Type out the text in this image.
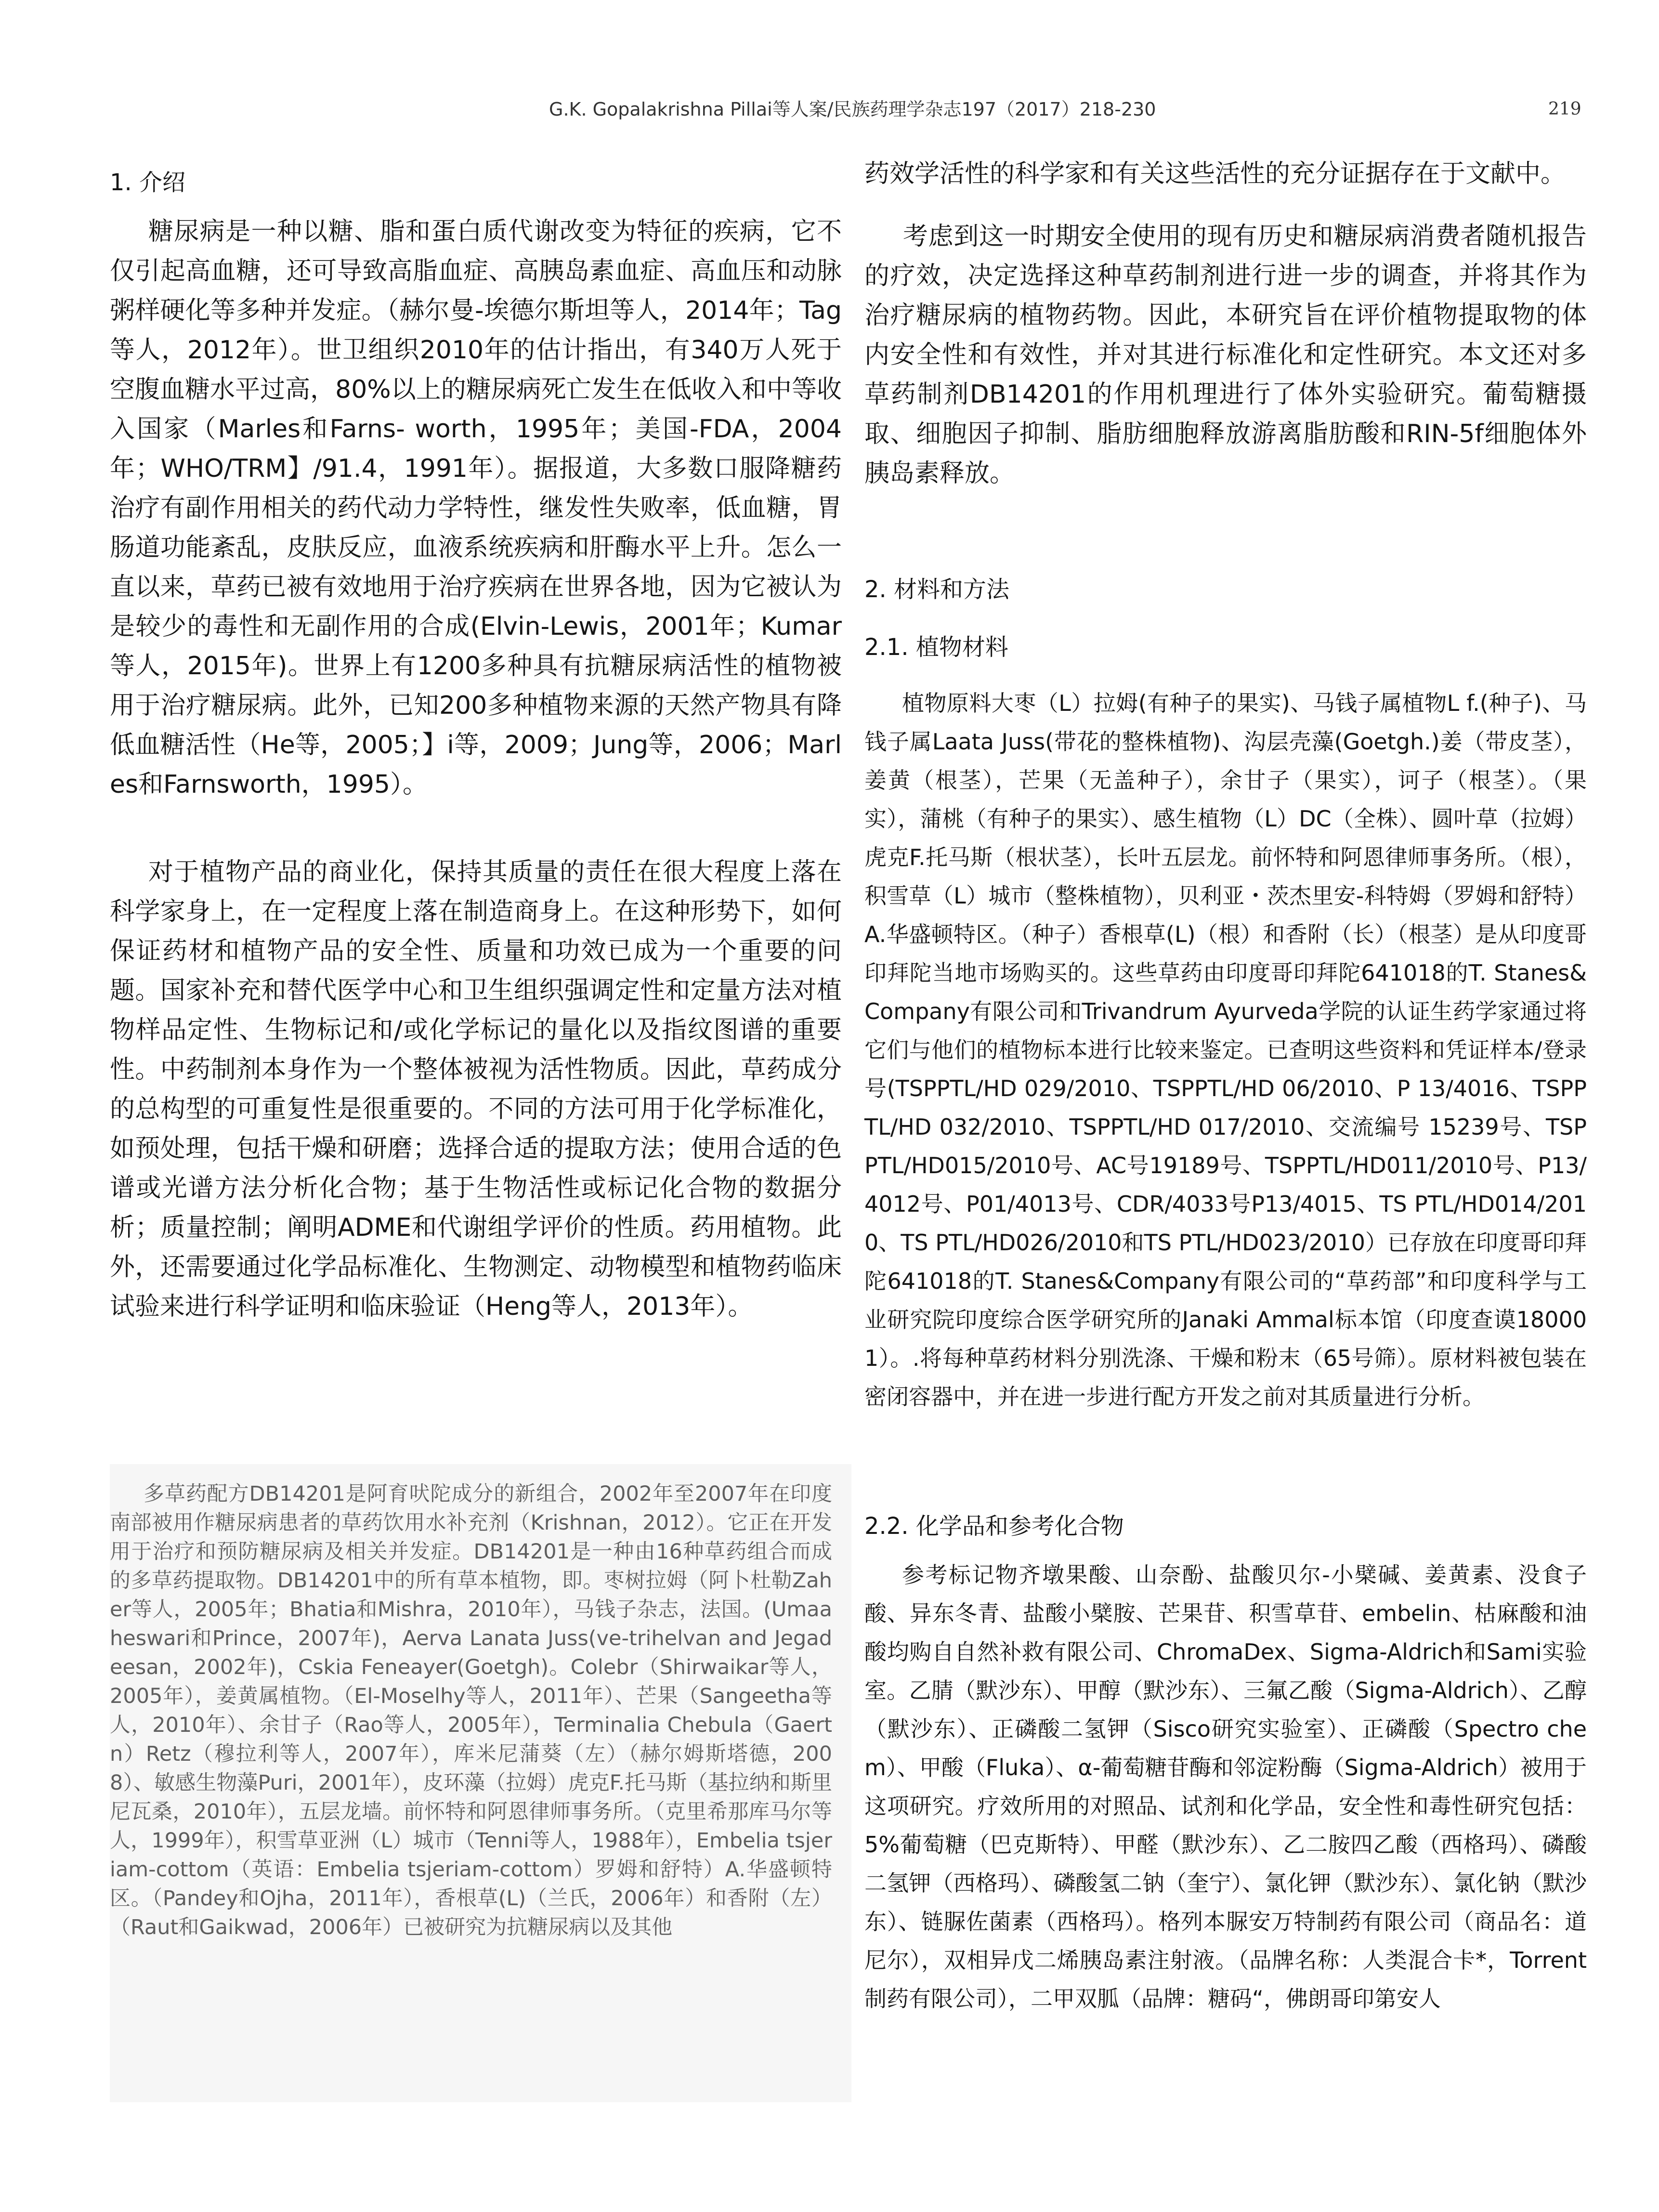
G.K. Gopalakrishna Pillai等人案/民族药理学杂志197（2017）218-230	219
1. 介绍

糖尿病是一种以糖、脂和蛋白质代谢改变为特征的疾病，它不仅引起高血糖，还可导致高脂血症、高胰岛素血症、高血压和动脉粥样硬化等多种并发症。（赫尔曼-埃德尔斯坦等人，2014年；Tag等人，2012年）。世卫组织2010年的估计指出，有340万人死于空腹血糖水平过高，80%以上的糖尿病死亡发生在低收入和中等收入国家（Marles和Farns- worth，1995年；美国-FDA，2004年；WHO/TRM】/91.4，1991年）。据报道，大多数口服降糖药治疗有副作用相关的药代动力学特性，继发性失败率，低血糖，胃肠道功能紊乱，皮肤反应，血液系统疾病和肝酶水平上升。怎么一直以来，草药已被有效地用于治疗疾病在世界各地，因为它被认为是较少的毒性和无副作用的合成(Elvin-Lewis，2001年；Kumar等人，2015年)。世界上有1200多种具有抗糖尿病活性的植物被用于治疗糖尿病。此外，已知200多种植物来源的天然产物具有降低血糖活性（He等，2005；】i等，2009；Jung等，2006；Marles和Farnsworth，1995）。

对于植物产品的商业化，保持其质量的责任在很大程度上落在科学家身上，在一定程度上落在制造商身上。在这种形势下，如何保证药材和植物产品的安全性、质量和功效已成为一个重要的问题。国家补充和替代医学中心和卫生组织强调定性和定量方法对植物样品定性、生物标记和/或化学标记的量化以及指纹图谱的重要性。中药制剂本身作为一个整体被视为活性物质。因此，草药成分的总构型的可重复性是很重要的。不同的方法可用于化学标准化，如预处理，包括干燥和研磨；选择合适的提取方法；使用合适的色谱或光谱方法分析化合物；基于生物活性或标记化合物的数据分析；质量控制；阐明ADME和代谢组学评价的性质。药用植物。此外，还需要通过化学品标准化、生物测定、动物模型和植物药临床试验来进行科学证明和临床验证（Heng等人，2013年）。

多草药配方DB14201是阿育吠陀成分的新组合，2002年至2007年在印度南部被用作糖尿病患者的草药饮用水补充剂（Krishnan，2012）。它正在开发用于治疗和预防糖尿病及相关并发症。DB14201是一种由16种草药组合而成的多草药提取物。DB14201中的所有草本植物，即。枣树拉姆（阿卜杜勒Zaher等人，2005年；Bhatia和Mishra，2010年），马钱子杂志，法国。(Umaaheswari和Prince，2007年)，Aerva Lanata Juss(ve-trihelvan and Jegadeesan，2002年)，Cskia Feneayer(Goetgh)。Colebr（Shirwaikar等人，2005年），姜黄属植物。（El-Moselhy等人，2011年）、芒果（Sangeetha等人，2010年）、余甘子（Rao等人，2005年），Terminalia Chebula（Gaertn）Retz（穆拉利等人，2007年），库米尼蒲葵（左）（赫尔姆斯塔德，2008）、敏感生物藻Puri，2001年），皮环藻（拉姆）虎克F.托马斯（基拉纳和斯里尼瓦桑，2010年），五层龙墙。前怀特和阿恩律师事务所。（克里希那库马尔等人，1999年），积雪草亚洲（L）城市（Tenni等人，1988年），Embelia tsjeriam-cottom（英语：Embelia tsjeriam-cottom）罗姆和舒特）A.华盛顿特区。（Pandey和Ojha，2011年），香根草(L)（兰氏，2006年）和香附（左）（Raut和Gaikwad，2006年）已被研究为抗糖尿病以及其他

药效学活性的科学家和有关这些活性的充分证据存在于文献中。

考虑到这一时期安全使用的现有历史和糖尿病消费者随机报告的疗效，决定选择这种草药制剂进行进一步的调查，并将其作为治疗糖尿病的植物药物。因此，本研究旨在评价植物提取物的体内安全性和有效性，并对其进行标准化和定性研究。本文还对多草药制剂DB14201的作用机理进行了体外实验研究。葡萄糖摄取、细胞因子抑制、脂肪细胞释放游离脂肪酸和RIN-5f细胞体外胰岛素释放。

2. 材料和方法
2.1. 植物材料

植物原料大枣（L）拉姆(有种子的果实)、马钱子属植物L f.(种子)、马钱子属Laata Juss(带花的整株植物)、沟层壳藻(Goetgh.)姜（带皮茎），姜黄（根茎），芒果（无盖种子），余甘子（果实），诃子（根茎）。（果实），蒲桃（有种子的果实）、感生植物（L）DC（全株）、圆叶草（拉姆）虎克F.托马斯（根状茎），长叶五层龙。前怀特和阿恩律师事务所。（根），积雪草（L）城市（整株植物），贝利亚・茨杰里安-科特姆（罗姆和舒特）A.华盛顿特区。（种子）香根草(L)（根）和香附（长）（根茎）是从印度哥印拜陀当地市场购买的。这些草药由印度哥印拜陀641018的T. Stanes&Company有限公司和Trivandrum Ayurveda学院的认证生药学家通过将它们与他们的植物标本进行比较来鉴定。已查明这些资料和凭证样本/登录号(TSPPTL/HD 029/2010、TSPPTL/HD 06/2010、P 13/4016、TSPPTL/HD 032/2010、TSPPTL/HD 017/2010、交流编号 15239号、TSPPTL/HD015/2010号、AC号19189号、TSPPTL/HD011/2010号、P13/4012号、P01/4013号、CDR/4033号P13/4015、TS PTL/HD014/2010、TS PTL/HD026/2010和TS PTL/HD023/2010）已存放在印度哥印拜陀641018的T. Stanes&Company有限公司的“草药部”和印度科学与工业研究院印度综合医学研究所的Janaki Ammal标本馆（印度查谟180001）。.将每种草药材料分别洗涤、干燥和粉末（65号筛）。原材料被包装在密闭容器中，并在进一步进行配方开发之前对其质量进行分析。

2.2. 化学品和参考化合物

参考标记物齐墩果酸、山奈酚、盐酸贝尔-小檗碱、姜黄素、没食子酸、异东冬青、盐酸小檗胺、芒果苷、积雪草苷、embelin、枯麻酸和油酸均购自自然补救有限公司、ChromaDex、Sigma-Aldrich和Sami实验室。乙腈（默沙东）、甲醇（默沙东）、三氟乙酸（Sigma-Aldrich）、乙醇（默沙东）、正磷酸二氢钾（Sisco研究实验室）、正磷酸（Spectro chem）、甲酸（Fluka）、α-葡萄糖苷酶和邻淀粉酶（Sigma-Aldrich）被用于这项研究。疗效所用的对照品、试剂和化学品，安全性和毒性研究包括：5%葡萄糖（巴克斯特）、甲醛（默沙东）、乙二胺四乙酸（西格玛）、磷酸二氢钾（西格玛）、磷酸氢二钠（奎宁）、氯化钾（默沙东）、氯化钠（默沙东）、链脲佐菌素（西格玛）。格列本脲安万特制药有限公司（商品名：道尼尔），双相异戊二烯胰岛素注射液。（品牌名称：人类混合卡*，Torrent制药有限公司），二甲双胍（品牌：糖码“，佛朗哥印第安人
